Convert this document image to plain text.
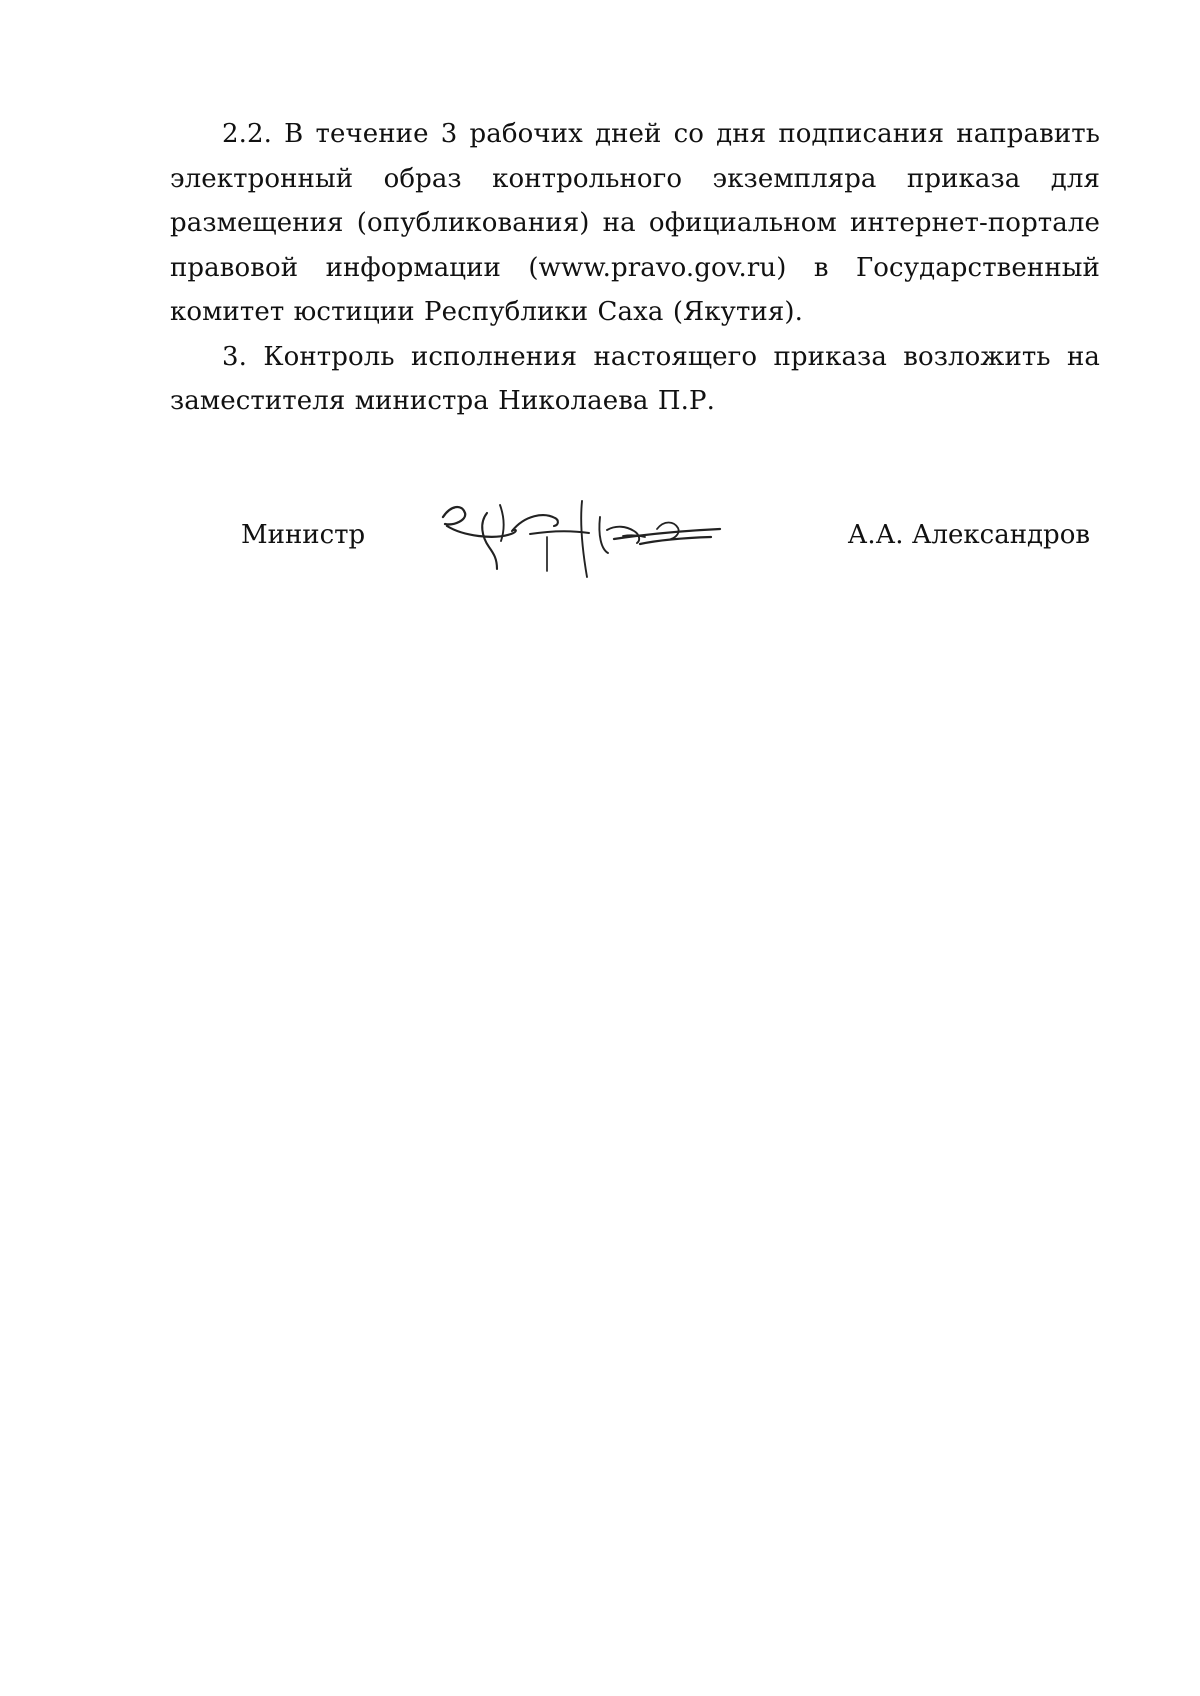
2.2. В течение 3 рабочих дней со дня подписания направить электронный образ контрольного экземпляра приказа для размещения (опубликования) на официальном интернет-портале правовой информации (www.pravo.gov.ru) в Государственный комитет юстиции Республики Саха (Якутия).

3. Контроль исполнения настоящего приказа возложить на заместителя министра Николаева П.Р.

Министр	А.А. Александров
